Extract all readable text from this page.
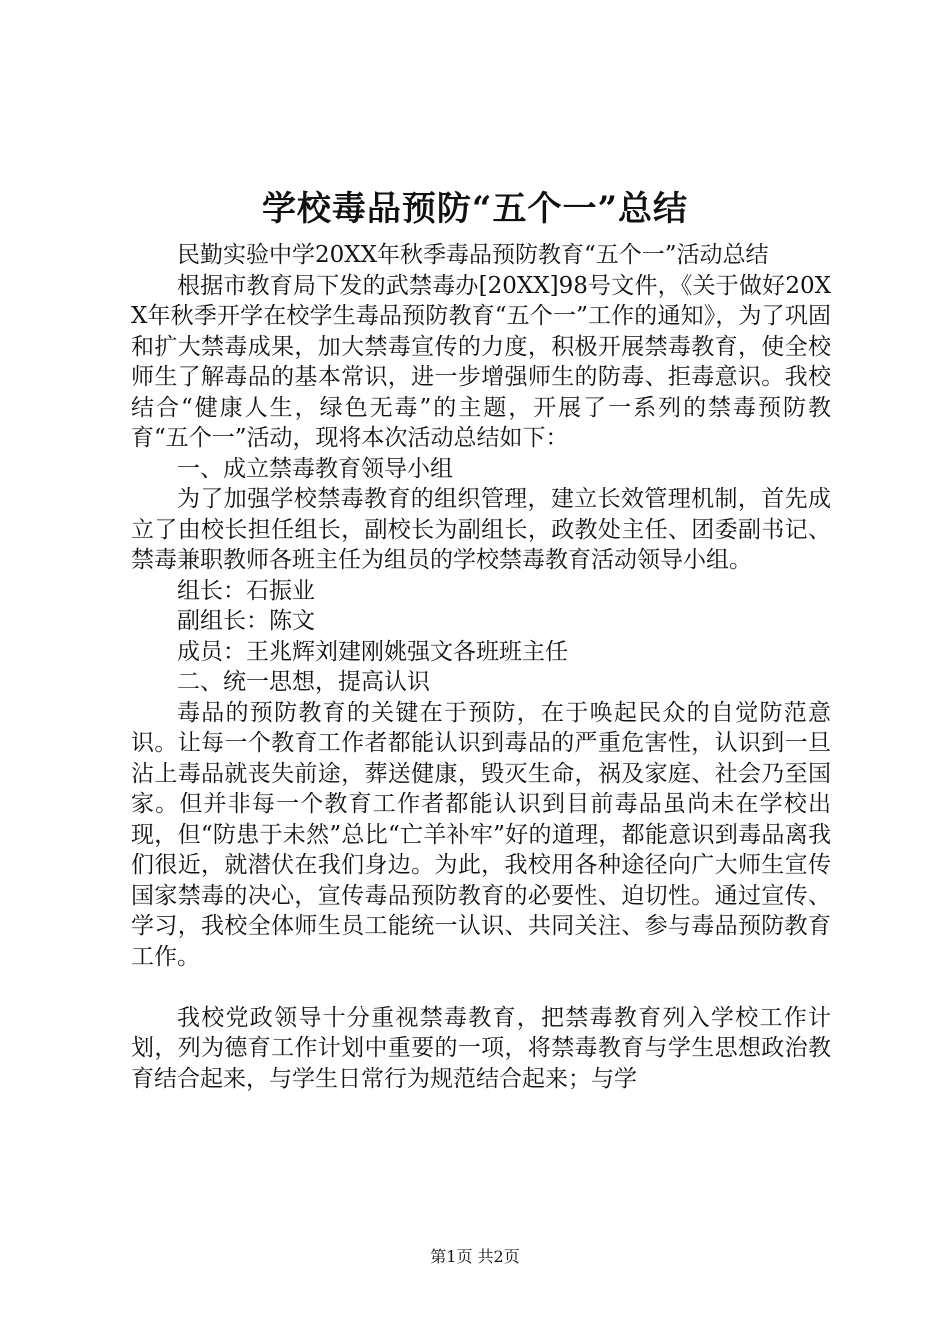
学校毒品预防“五个一”总结

民勤实验中学20XX年秋季毒品预防教育“五个一”活动总结

根据市教育局下发的武禁毒办[20XX]98号文件，《关于做好20XX年秋季开学在校学生毒品预防教育“五个一”工作的通知》，为了巩固和扩大禁毒成果，加大禁毒宣传的力度，积极开展禁毒教育，使全校师生了解毒品的基本常识，进一步增强师生的防毒、拒毒意识。我校结合“健康人生，绿色无毒”的主题，开展了一系列的禁毒预防教育“五个一”活动，现将本次活动总结如下：

一、成立禁毒教育领导小组

为了加强学校禁毒教育的组织管理，建立长效管理机制，首先成立了由校长担任组长，副校长为副组长，政教处主任、团委副书记、禁毒兼职教师各班主任为组员的学校禁毒教育活动领导小组。

组长：石振业

副组长：陈文

成员：王兆辉刘建刚姚强文各班班主任

二、统一思想，提高认识

毒品的预防教育的关键在于预防，在于唤起民众的自觉防范意识。让每一个教育工作者都能认识到毒品的严重危害性，认识到一旦沾上毒品就丧失前途，葬送健康，毁灭生命，祸及家庭、社会乃至国家。但并非每一个教育工作者都能认识到目前毒品虽尚未在学校出现，但“防患于未然”总比“亡羊补牢”好的道理，都能意识到毒品离我们很近，就潜伏在我们身边。为此，我校用各种途径向广大师生宣传国家禁毒的决心，宣传毒品预防教育的必要性、迫切性。通过宣传、学习，我校全体师生员工能统一认识、共同关注、参与毒品预防教育工作。

我校党政领导十分重视禁毒教育，把禁毒教育列入学校工作计划，列为德育工作计划中重要的一项，将禁毒教育与学生思想政治教育结合起来，与学生日常行为规范结合起来；与学

第1页 共2页
